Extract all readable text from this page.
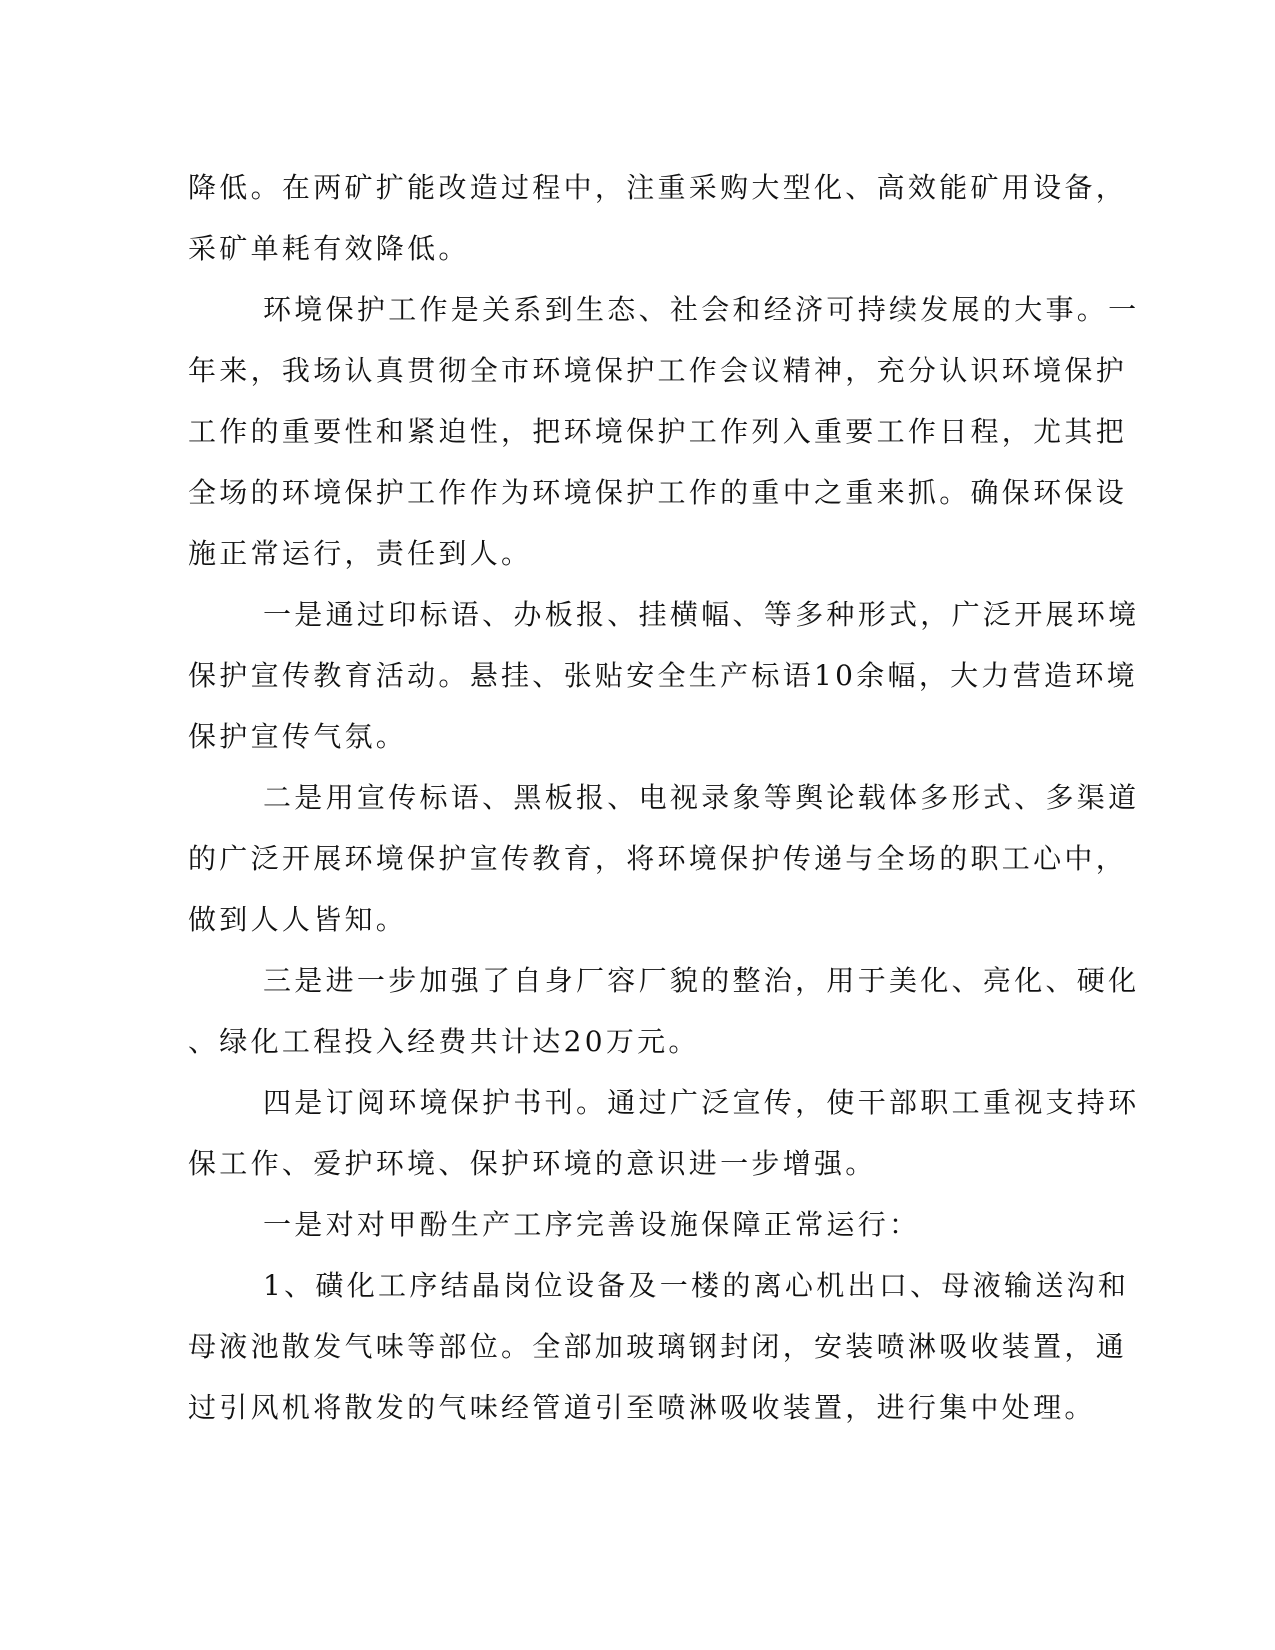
降低。在两矿扩能改造过程中，注重采购大型化、高效能矿用设备，
采矿单耗有效降低。
环境保护工作是关系到生态、社会和经济可持续发展的大事。一
年来，我场认真贯彻全市环境保护工作会议精神，充分认识环境保护
工作的重要性和紧迫性，把环境保护工作列入重要工作日程，尤其把
全场的环境保护工作作为环境保护工作的重中之重来抓。确保环保设
施正常运行，责任到人。
一是通过印标语、办板报、挂横幅、等多种形式，广泛开展环境
保护宣传教育活动。悬挂、张贴安全生产标语10余幅，大力营造环境
保护宣传气氛。
二是用宣传标语、黑板报、电视录象等舆论载体多形式、多渠道
的广泛开展环境保护宣传教育，将环境保护传递与全场的职工心中，
做到人人皆知。
三是进一步加强了自身厂容厂貌的整治，用于美化、亮化、硬化
、绿化工程投入经费共计达20万元。
四是订阅环境保护书刊。通过广泛宣传，使干部职工重视支持环
保工作、爱护环境、保护环境的意识进一步增强。
一是对对甲酚生产工序完善设施保障正常运行：
1、磺化工序结晶岗位设备及一楼的离心机出口、母液输送沟和
母液池散发气味等部位。全部加玻璃钢封闭，安装喷淋吸收装置，通
过引风机将散发的气味经管道引至喷淋吸收装置，进行集中处理。
